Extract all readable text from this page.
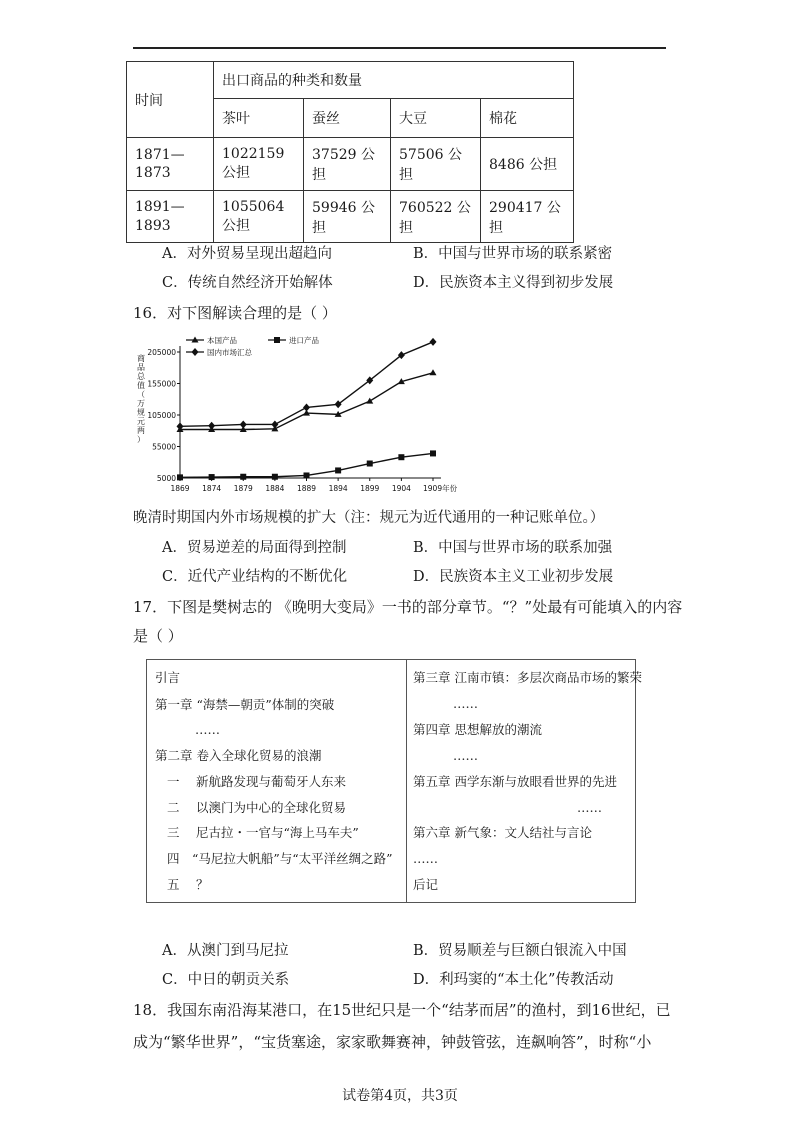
时间	出口商品的种类和数量			
	茶叶	蚕丝	大豆	棉花
1871—
1873	1022159 公担	37529 公担	57506 公担	8486 公担
1891—
1893	1055064 公担	59946 公担	760522 公担	290417 公担
A．对外贸易呈现出超趋向	B．中国与世界市场的联系紧密
C．传统自然经济开始解体	D．民族资本主义得到初步发展
16．对下图解读合理的是（ ）
5000
55000
105000
155000
205000
1869 1874 1879 1884 1889 1894 1899 1904 1909年份
本国产品	进口产品
国内市场汇总
商品总值（万规元两）
晚清时期国内外市场规模的扩大（注：规元为近代通用的一种记账单位。）
A．贸易逆差的局面得到控制	B．中国与世界市场的联系加强
C．近代产业结构的不断优化	D．民族资本主义工业初步发展
17．下图是樊树志的 《晚明大变局》一书的部分章节。“？”处最有可能填入的内容
是（ ）
引言
第一章 “海禁—朝贡”体制的突破
……
第二章 卷入全球化贸易的浪潮
一　 新航路发现与葡萄牙人东来
二　 以澳门为中心的全球化贸易
三　 尼古拉・一官与“海上马车夫”
四　“马尼拉大帆船”与“太平洋丝绸之路”
五　 ？
第三章 江南市镇：多层次商品市场的繁荣
……
第四章 思想解放的潮流
……
第五章 西学东渐与放眼看世界的先进
……
第六章 新气象：文人结社与言论
……
后记
A．从澳门到马尼拉	B．贸易顺差与巨额白银流入中国
C．中日的朝贡关系	D．利玛窦的“本土化”传教活动
18．我国东南沿海某港口，在15世纪只是一个“结茅而居”的渔村，到16世纪，已
成为“繁华世界”，“宝货塞途，家家歌舞赛神，钟鼓管弦，连飙响答”，时称“小
试卷第4页，共3页
